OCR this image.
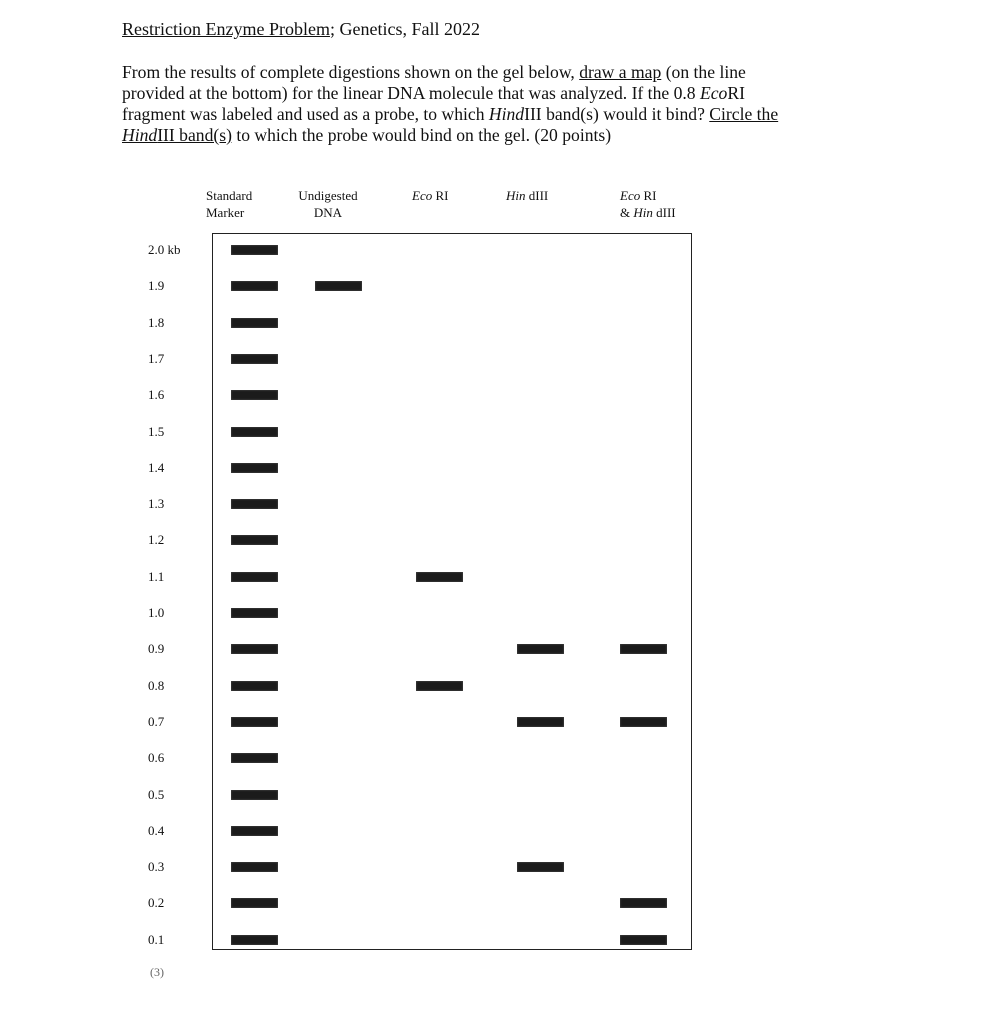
Restriction Enzyme Problem; Genetics, Fall 2022
From the results of complete digestions shown on the gel below, draw a map (on the line
provided at the bottom) for the linear DNA molecule that was analyzed. If the 0.8 EcoRI
fragment was labeled and used as a probe, to which HindIII band(s) would it bind? Circle the
HindIII band(s) to which the probe would bind on the gel. (20 points)
Standard
Marker
Undigested
DNA
Eco RI	Hin dIII	Eco RI
& Hin dIII
2.0 kb
1.9
1.8
1.7
1.6
1.5
1.4
1.3
1.2
1.1
1.0
0.9
0.8
0.7
0.6
0.5
0.4
0.3
0.2
0.1
(3)
